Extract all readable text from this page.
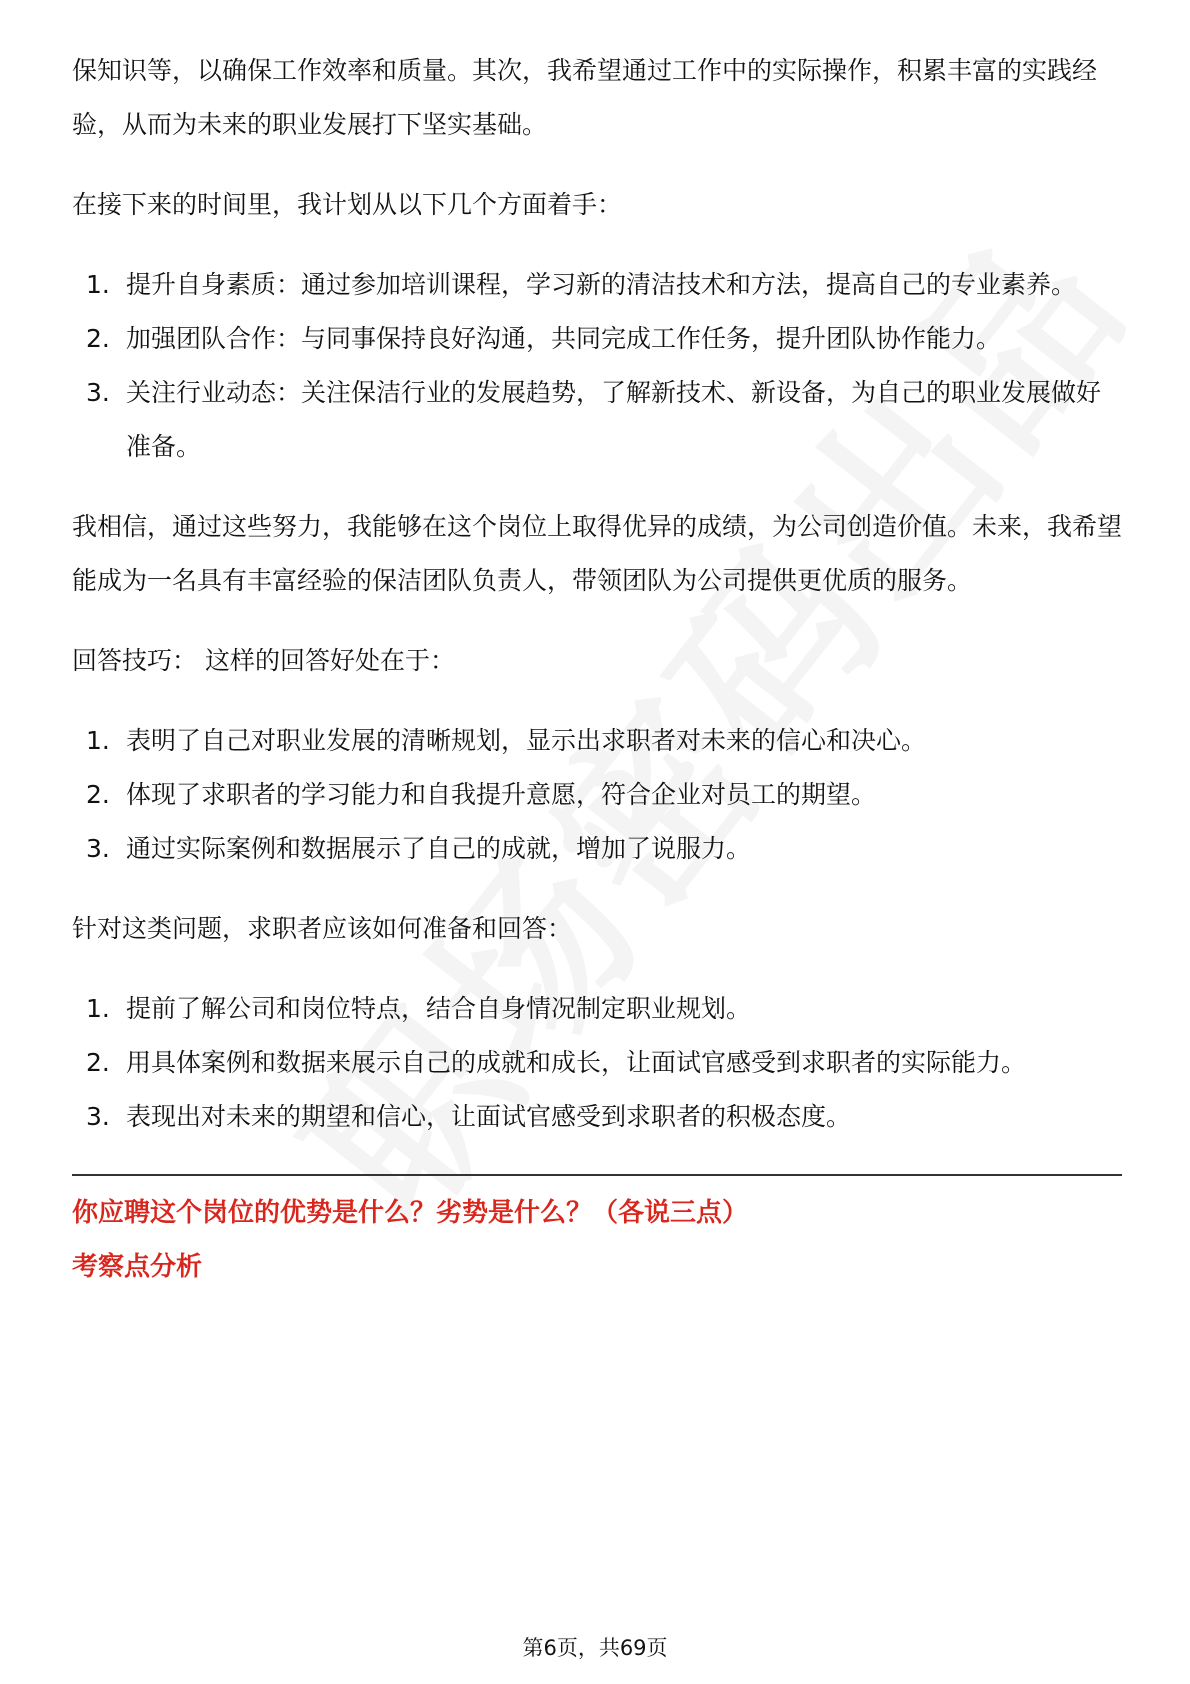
保知识等，以确保工作效率和质量。其次，我希望通过工作中的实际操作，积累丰富的实践经验，从而为未来的职业发展打下坚实基础。

在接下来的时间里，我计划从以下几个方面着手：

1. 提升自身素质：通过参加培训课程，学习新的清洁技术和方法，提高自己的专业素养。
2. 加强团队合作：与同事保持良好沟通，共同完成工作任务，提升团队协作能力。
3. 关注行业动态：关注保洁行业的发展趋势，了解新技术、新设备，为自己的职业发展做好准备。

我相信，通过这些努力，我能够在这个岗位上取得优异的成绩，为公司创造价值。未来，我希望能成为一名具有丰富经验的保洁团队负责人，带领团队为公司提供更优质的服务。

回答技巧： 这样的回答好处在于：

1. 表明了自己对职业发展的清晰规划，显示出求职者对未来的信心和决心。
2. 体现了求职者的学习能力和自我提升意愿，符合企业对员工的期望。
3. 通过实际案例和数据展示了自己的成就，增加了说服力。

针对这类问题，求职者应该如何准备和回答：

1. 提前了解公司和岗位特点，结合自身情况制定职业规划。
2. 用具体案例和数据来展示自己的成就和成长，让面试官感受到求职者的实际能力。
3. 表现出对未来的期望和信心，让面试官感受到求职者的积极态度。

你应聘这个岗位的优势是什么？劣势是什么？（各说三点）

考察点分析

第6页，共69页
